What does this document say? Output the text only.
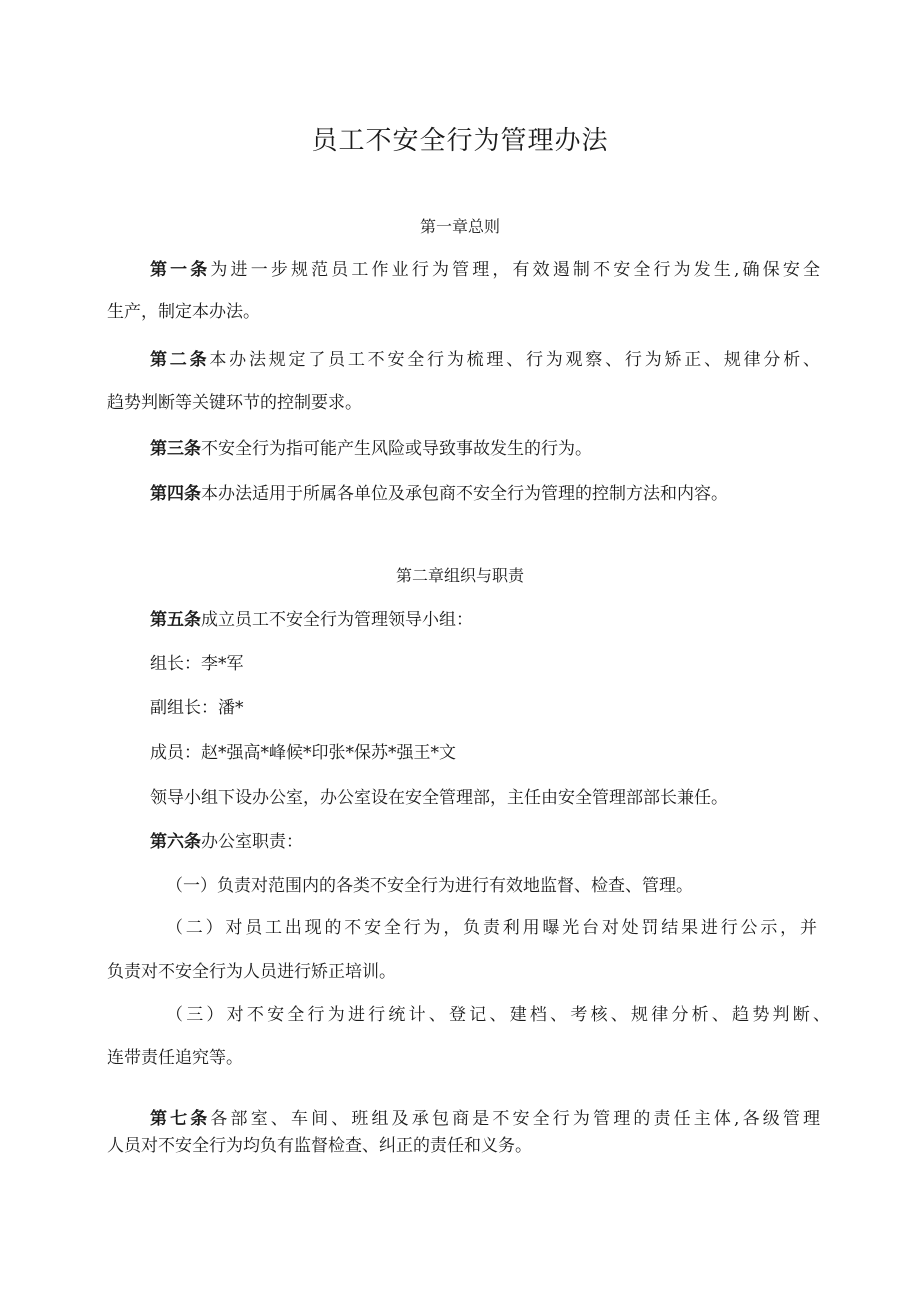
员工不安全行为管理办法

第一章总则

第一条为进一步规范员工作业行为管理，有效遏制不安全行为发生,确保安全

生产，制定本办法。

第二条本办法规定了员工不安全行为梳理、行为观察、行为矫正、规律分析、

趋势判断等关键环节的控制要求。

第三条不安全行为指可能产生风险或导致事故发生的行为。

第四条本办法适用于所属各单位及承包商不安全行为管理的控制方法和内容。

第二章组织与职责

第五条成立员工不安全行为管理领导小组：

组长：李*军

副组长：潘*

成员：赵*强高*峰候*印张*保苏*强王*文

领导小组下设办公室，办公室设在安全管理部，主任由安全管理部部长兼任。

第六条办公室职责：

（一）负责对范围内的各类不安全行为进行有效地监督、检查、管理。

（二）对员工出现的不安全行为，负责利用曝光台对处罚结果进行公示，并

负责对不安全行为人员进行矫正培训。

（三）对不安全行为进行统计、登记、建档、考核、规律分析、趋势判断、

连带责任追究等。

第七条各部室、车间、班组及承包商是不安全行为管理的责任主体,各级管理

人员对不安全行为均负有监督检查、纠正的责任和义务。
